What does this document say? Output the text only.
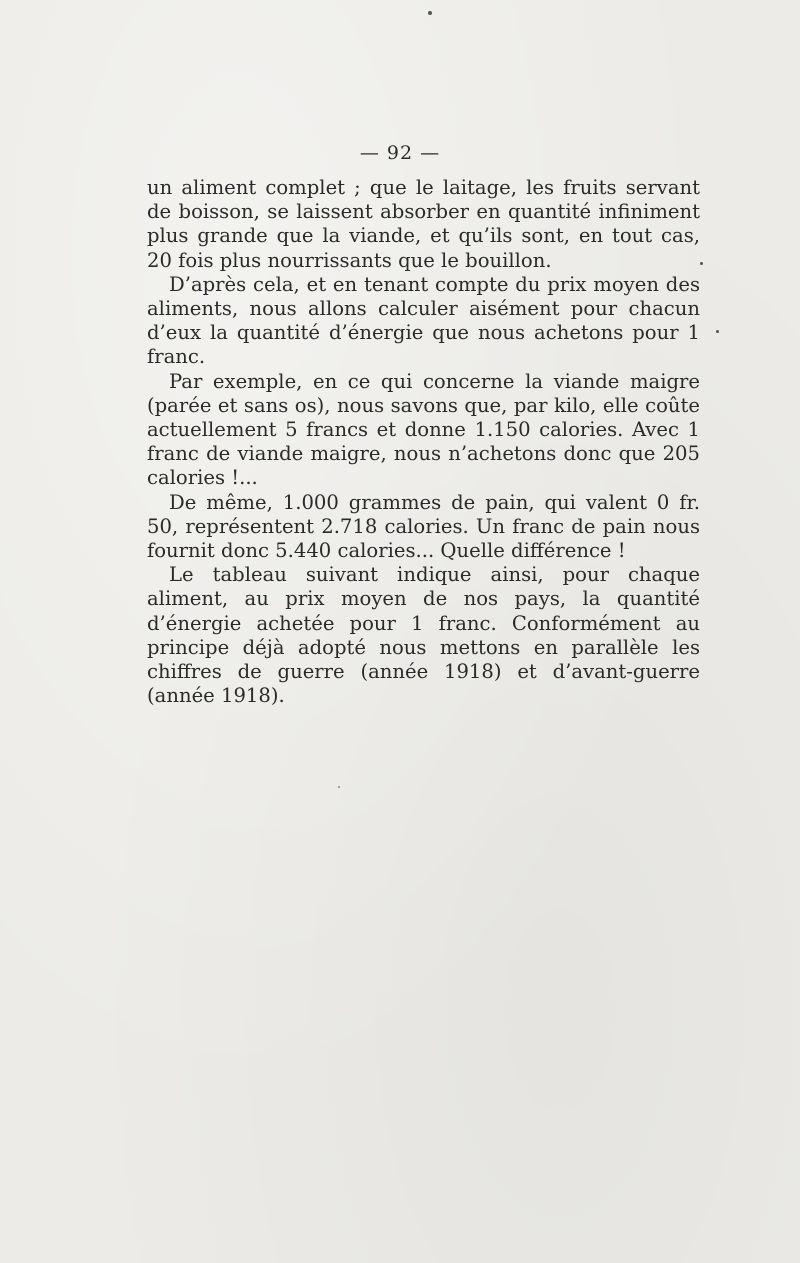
— 92 —

un aliment complet ; que le laitage, les fruits servant de boisson, se laissent absorber en quantité infiniment plus grande que la viande, et qu’ils sont, en tout cas, 20 fois plus nourrissants que le bouillon.

D’après cela, et en tenant compte du prix moyen des aliments, nous allons calculer aisément pour chacun d’eux la quantité d’énergie que nous achetons pour 1 franc.

Par exemple, en ce qui concerne la viande maigre (parée et sans os), nous savons que, par kilo, elle coûte actuellement 5 francs et donne 1.150 calories. Avec 1 franc de viande maigre, nous n’achetons donc que 205 calories !...

De même, 1.000 grammes de pain, qui valent 0 fr. 50, représentent 2.718 calories. Un franc de pain nous fournit donc 5.440 calories... Quelle différence !

Le tableau suivant indique ainsi, pour chaque aliment, au prix moyen de nos pays, la quantité d’énergie achetée pour 1 franc. Conformément au principe déjà adopté nous mettons en parallèle les chiffres de guerre (année 1918) et d’avant-guerre (année 1918).
